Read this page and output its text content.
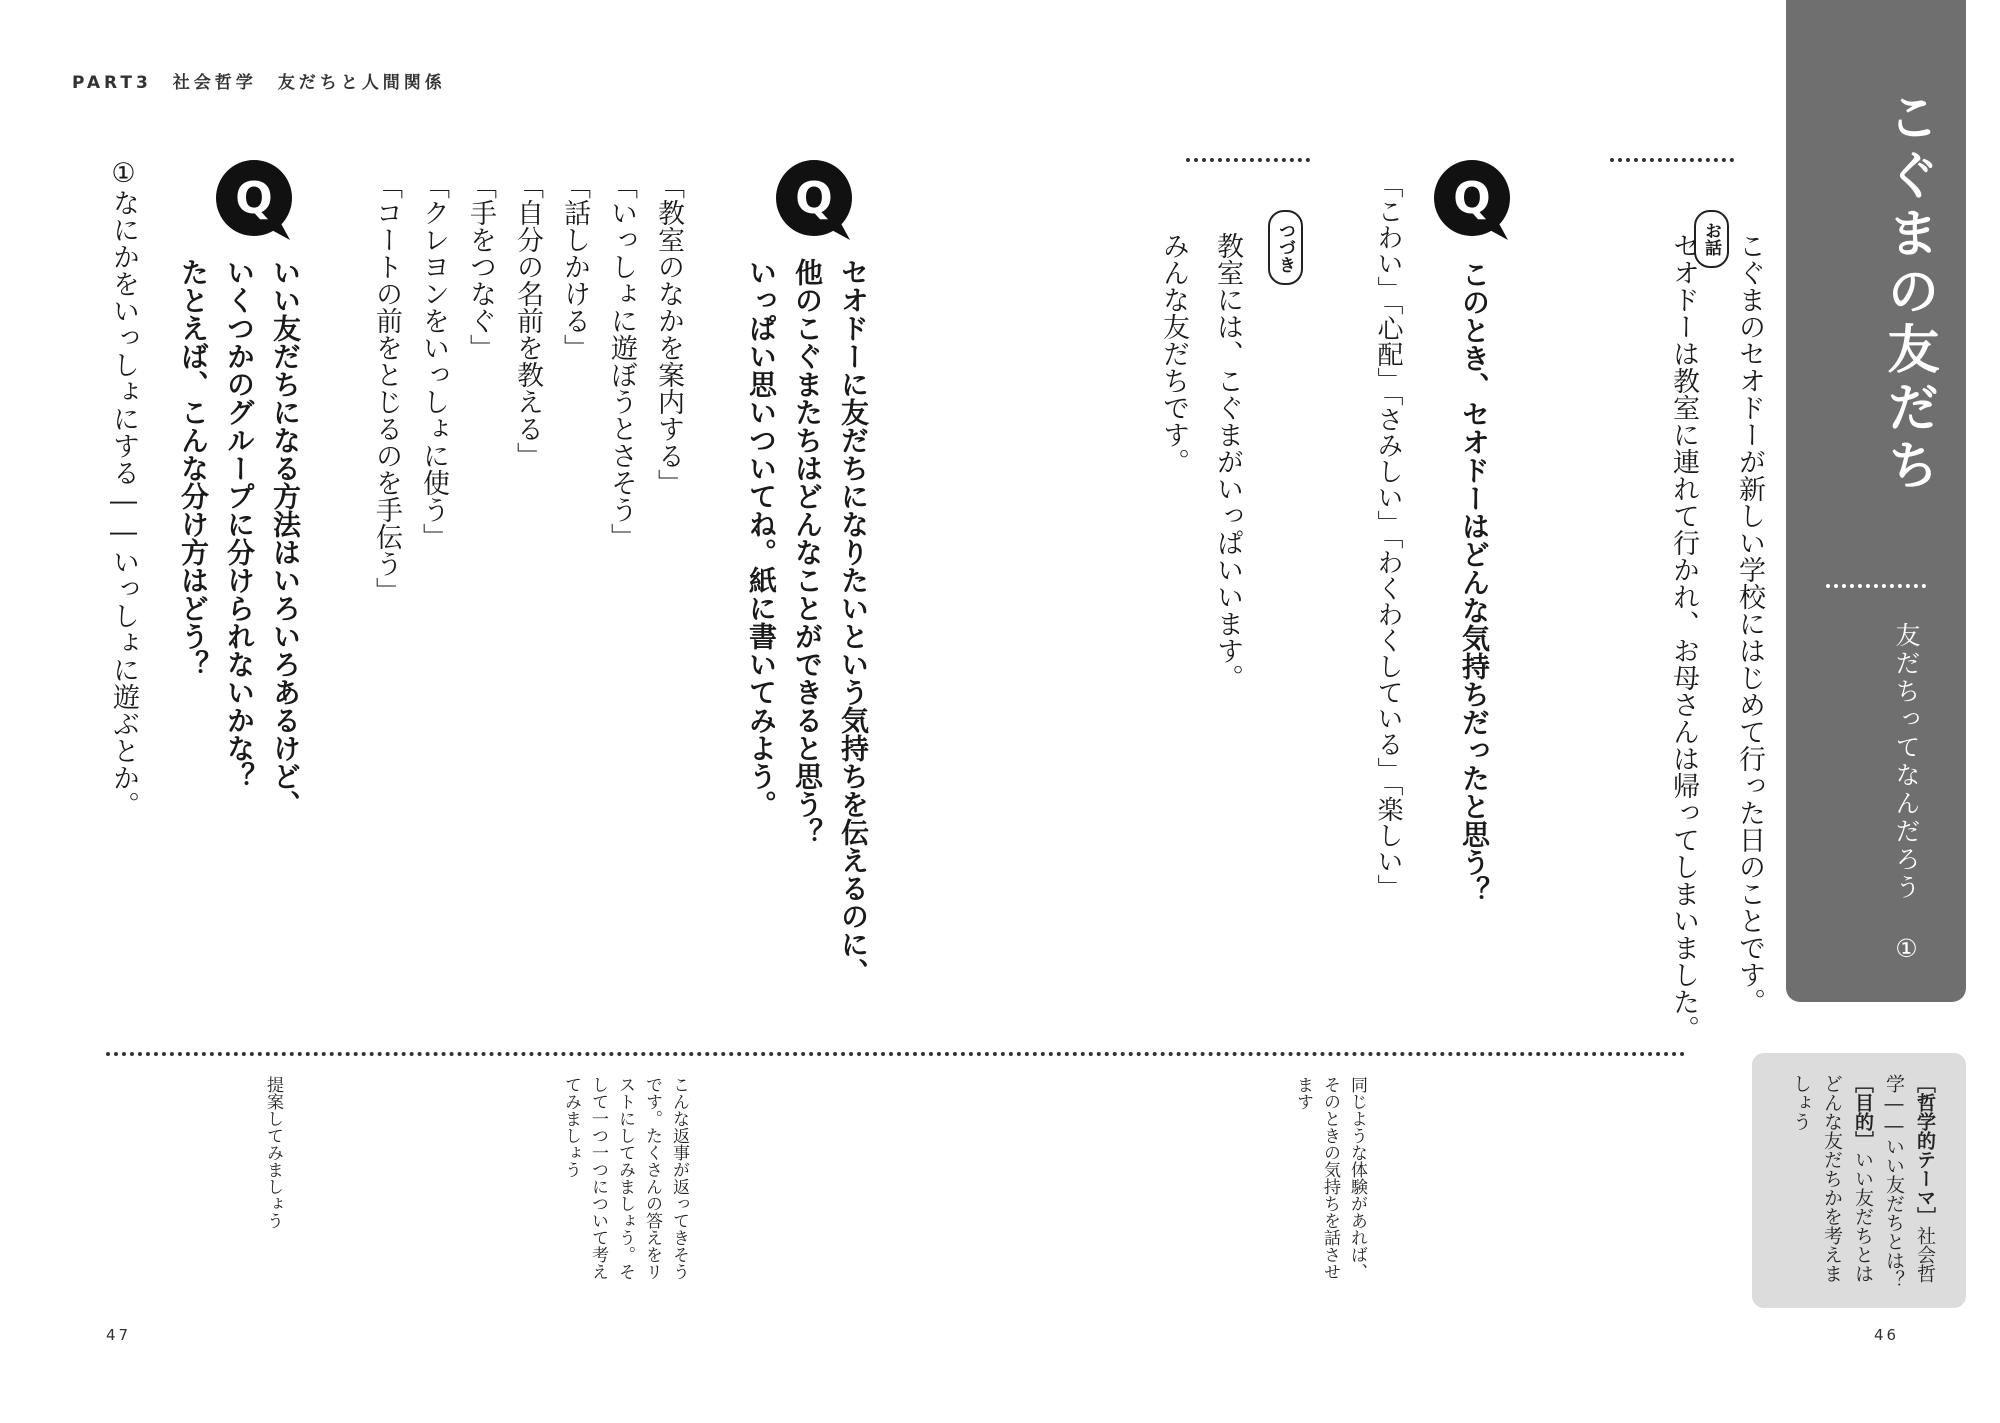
PART3　社会哲学　友だちと人間関係
こぐまの友だち
友だちってなんだろう ①
［哲学的テーマ］社会哲学――いい友だちとは？
［目的］いい友だちとはどんな友だちかを考えましょう
お話 こぐまのセオドーが新しい学校にはじめて行った日のことです。
セオドーは教室に連れて行かれ、お母さんは帰ってしまいました。
Q
このとき、セオドーはどんな気持ちだったと思う？
「こわい」「心配」「さみしい」「わくわくしている」「楽しい」
つづき
教室には、こぐまがいっぱいいます。
みんな友だちです。
Q
セオドーに友だちになりたいという気持ちを伝えるのに、
他のこぐまたちはどんなことができると思う？
いっぱい思いついてね。紙に書いてみよう。
「教室のなかを案内する」
「いっしょに遊ぼうとさそう」
「話しかける」
「自分の名前を教える」
「手をつなぐ」
「クレヨンをいっしょに使う」
「コートの前をとじるのを手伝う」
Q
いい友だちになる方法はいろいろあるけど、
いくつかのグループに分けられないかな？
たとえば、こんな分け方はどう？
①なにかをいっしょにする――いっしょに遊ぶとか。
同じような体験があれば、そのときの気持ちを話させます
こんな返事が返ってきそうです。たくさんの答えをリストにしてみましょう。そして一つ一つについて考えてみましょう
提案してみましょう
47	46
